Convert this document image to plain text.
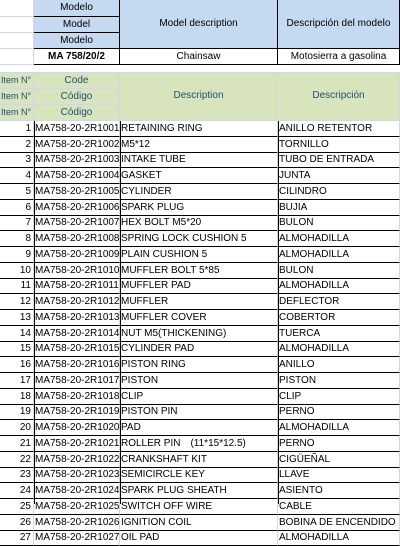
Modelo
Model
Modelo
Model description	Descripción del modelo
MA 758/20/2	Chainsaw	Motosierra a gasolina
Item N°
Item N°
Item N°
Code
Código
Código
Description	Descripción
1 MA758-20-2R1001 RETAINING RING	ANILLO RETENTOR
2 MA758-20-2R1002 M5*12	TORNILLO
3 MA758-20-2R1003 INTAKE TUBE	TUBO DE ENTRADA
4 MA758-20-2R1004 GASKET	JUNTA
5 MA758-20-2R1005 CYLINDER	CILINDRO
6 MA758-20-2R1006 SPARK PLUG	BUJIA
7 MA758-20-2R1007 HEX BOLT M5*20	BULON
8 MA758-20-2R1008 SPRING LOCK CUSHION 5	ALMOHADILLA
9 MA758-20-2R1009 PLAIN CUSHION 5	ALMOHADILLA
10 MA758-20-2R1010 MUFFLER BOLT 5*85	BULON
11 MA758-20-2R1011 MUFFLER PAD	ALMOHADILLA
12 MA758-20-2R1012 MUFFLER	DEFLECTOR
13 MA758-20-2R1013 MUFFLER COVER	COBERTOR
14 MA758-20-2R1014 NUT M5(THICKENING)	TUERCA
15 MA758-20-2R1015 CYLINDER PAD	ALMOHADILLA
16 MA758-20-2R1016 PISTON RING	ANILLO
17 MA758-20-2R1017 PISTON	PISTON
18 MA758-20-2R1018 CLIP	CLIP
19 MA758-20-2R1019 PISTON PIN	PERNO
20 MA758-20-2R1020 PAD	ALMOHADILLA
21 MA758-20-2R1021 ROLLER PIN　(11*15*12.5)	PERNO
22 MA758-20-2R1022 CRANKSHAFT KIT	CIGÜEÑAL
23 MA758-20-2R1023 SEMICIRCLE KEY	LLAVE
24 MA758-20-2R1024 SPARK PLUG SHEATH	ASIENTO
25 MA758-20-2R1025 SWITCH OFF WIRE	CABLE
26 MA758-20-2R1026 IGNITION COIL	BOBINA DE ENCENDIDO
27 MA758-20-2R1027 OIL PAD	ALMOHADILLA
